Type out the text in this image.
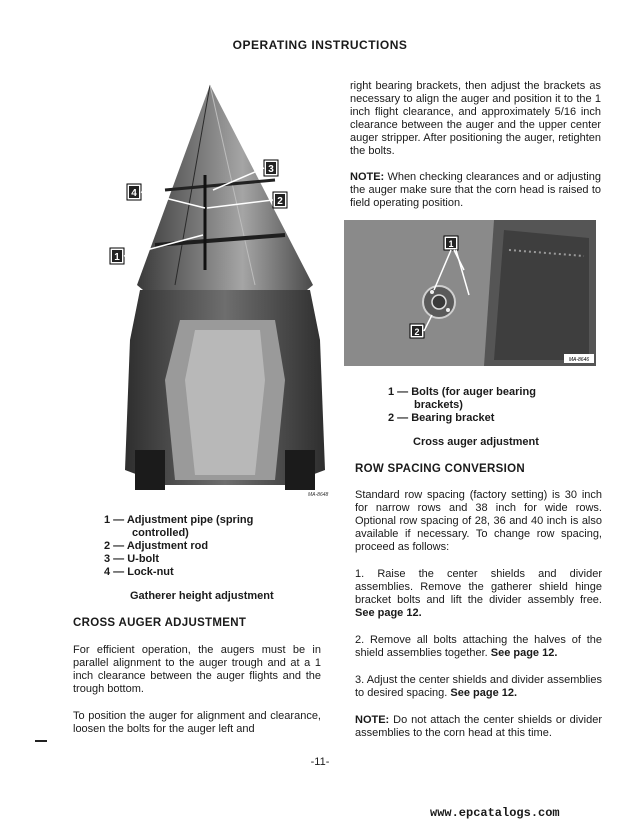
OPERATING INSTRUCTIONS
3
4
2
1
MA-8648
1 — Adjustment pipe (spring
controlled)
2 — Adjustment rod
3 — U-bolt
4 — Lock-nut
Gatherer height adjustment
CROSS AUGER ADJUSTMENT

For efficient operation, the augers must be in parallel alignment to the auger trough and at a 1 inch clearance between the auger flights and the trough bottom.

To position the auger for alignment and clearance, loosen the bolts for the auger left and

right bearing brackets, then adjust the brackets as necessary to align the auger and position it to the 1 inch flight clearance, and approximately 5/16 inch clearance between the auger and the upper center auger stripper. After positioning the auger, retighten the bolts.

NOTE: When checking clearances and or adjusting the auger make sure that the corn head is raised to field operating position.

1
2
MA-8646
1 — Bolts (for auger bearing
brackets)
2 — Bearing bracket
Cross auger adjustment
ROW SPACING CONVERSION

Standard row spacing (factory setting) is 30 inch for narrow rows and 38 inch for wide rows. Optional row spacing of 28, 36 and 40 inch is also available if necessary. To change row spacing, proceed as follows:

1. Raise the center shields and divider assemblies. Remove the gatherer shield hinge bracket bolts and lift the divider assembly free. See page 12.

2. Remove all bolts attaching the halves of the shield assemblies together. See page 12.

3. Adjust the center shields and divider assemblies to desired spacing. See page 12.

NOTE: Do not attach the center shields or divider assemblies to the corn head at this time.

-11-
www.epcatalogs.com
